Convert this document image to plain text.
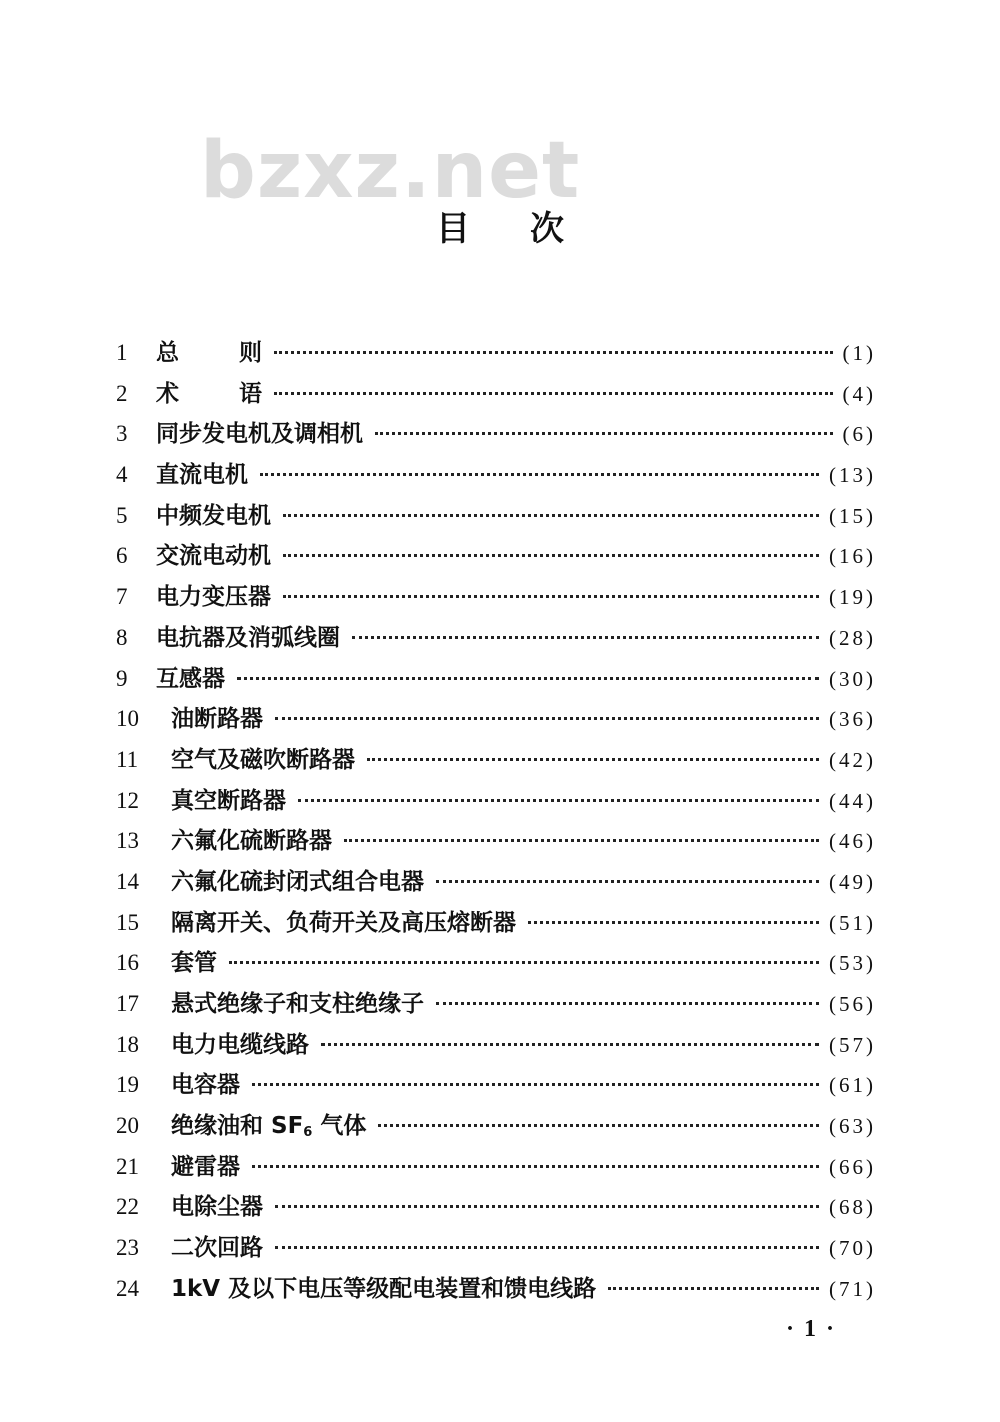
bzxz.net
目 次
1	总	则	(1)
2	术	语	(4)
3	同步发电机及调相机	(6)
4	直流电机	(13)
5	中频发电机	(15)
6	交流电动机	(16)
7	电力变压器	(19)
8	电抗器及消弧线圈	(28)
9	互感器	(30)
10	油断路器	(36)
11	空气及磁吹断路器	(42)
12	真空断路器	(44)
13	六氟化硫断路器	(46)
14	六氟化硫封闭式组合电器	(49)
15	隔离开关、负荷开关及高压熔断器	(51)
16	套管	(53)
17	悬式绝缘子和支柱绝缘子	(56)
18	电力电缆线路	(57)
19	电容器	(61)
20	绝缘油和 $SF_6$ 气体	(63)
21	避雷器	(66)
22	电除尘器	(68)
23	二次回路	(70)
24	1kV 及以下电压等级配电装置和馈电线路	(71)
· 1 ·
